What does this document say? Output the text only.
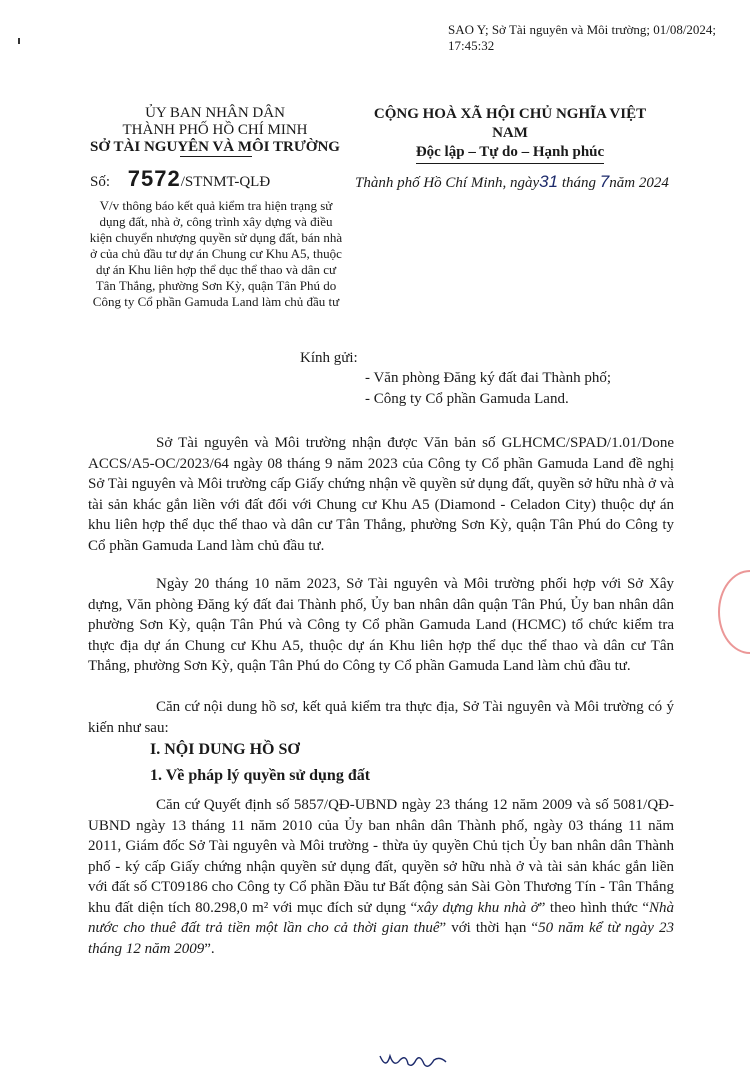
SAO Y; Sở Tài nguyên và Môi trường; 01/08/2024;
17:45:32
ỦY BAN NHÂN DÂN
THÀNH PHỐ HỒ CHÍ MINH
SỞ TÀI NGUYÊN VÀ MÔI TRƯỜNG
CỘNG HOÀ XÃ HỘI CHỦ NGHĨA VIỆT NAM
Độc lập – Tự do – Hạnh phúc
Số: 7572/STNMT-QLĐ	Thành phố Hồ Chí Minh, ngày31 tháng 7năm 2024
V/v thông báo kết quả kiểm tra hiện trạng sử dụng đất, nhà ở, công trình xây dựng và điều kiện chuyển nhượng quyền sử dụng đất, bán nhà ở của chủ đầu tư dự án Chung cư Khu A5, thuộc dự án Khu liên hợp thể dục thể thao và dân cư Tân Thắng, phường Sơn Kỳ, quận Tân Phú do Công ty Cổ phần Gamuda Land làm chủ đầu tư
Kính gửi:
- Văn phòng Đăng ký đất đai Thành phố;
- Công ty Cổ phần Gamuda Land.

Sở Tài nguyên và Môi trường nhận được Văn bản số GLHCMC/SPAD/1.01/Done ACCS/A5-OC/2023/64 ngày 08 tháng 9 năm 2023 của Công ty Cổ phần Gamuda Land đề nghị Sở Tài nguyên và Môi trường cấp Giấy chứng nhận về quyền sử dụng đất, quyền sở hữu nhà ở và tài sản khác gắn liền với đất đối với Chung cư Khu A5 (Diamond - Celadon City) thuộc dự án khu liên hợp thể dục thể thao và dân cư Tân Thắng, phường Sơn Kỳ, quận Tân Phú do Công ty Cổ phần Gamuda Land làm chủ đầu tư.

Ngày 20 tháng 10 năm 2023, Sở Tài nguyên và Môi trường phối hợp với Sở Xây dựng, Văn phòng Đăng ký đất đai Thành phố, Ủy ban nhân dân quận Tân Phú, Ủy ban nhân dân phường Sơn Kỳ, quận Tân Phú và Công ty Cổ phần Gamuda Land (HCMC) tổ chức kiểm tra thực địa dự án Chung cư Khu A5, thuộc dự án Khu liên hợp thể dục thể thao và dân cư Tân Thắng, phường Sơn Kỳ, quận Tân Phú do Công ty Cổ phần Gamuda Land làm chủ đầu tư.

Căn cứ nội dung hồ sơ, kết quả kiểm tra thực địa, Sở Tài nguyên và Môi trường có ý kiến như sau:

I. NỘI DUNG HỒ SƠ
1. Về pháp lý quyền sử dụng đất

Căn cứ Quyết định số 5857/QĐ-UBND ngày 23 tháng 12 năm 2009 và số 5081/QĐ-UBND ngày 13 tháng 11 năm 2010 của Ủy ban nhân dân Thành phố, ngày 03 tháng 11 năm 2011, Giám đốc Sở Tài nguyên và Môi trường - thừa ủy quyền Chủ tịch Ủy ban nhân dân Thành phố - ký cấp Giấy chứng nhận quyền sử dụng đất, quyền sở hữu nhà ở và tài sản khác gắn liền với đất số CT09186 cho Công ty Cổ phần Đầu tư Bất động sản Sài Gòn Thương Tín - Tân Thắng khu đất diện tích 80.298,0 m² với mục đích sử dụng “xây dựng khu nhà ở” theo hình thức “Nhà nước cho thuê đất trả tiền một lần cho cả thời gian thuê” với thời hạn “50 năm kể từ ngày 23 tháng 12 năm 2009”.
